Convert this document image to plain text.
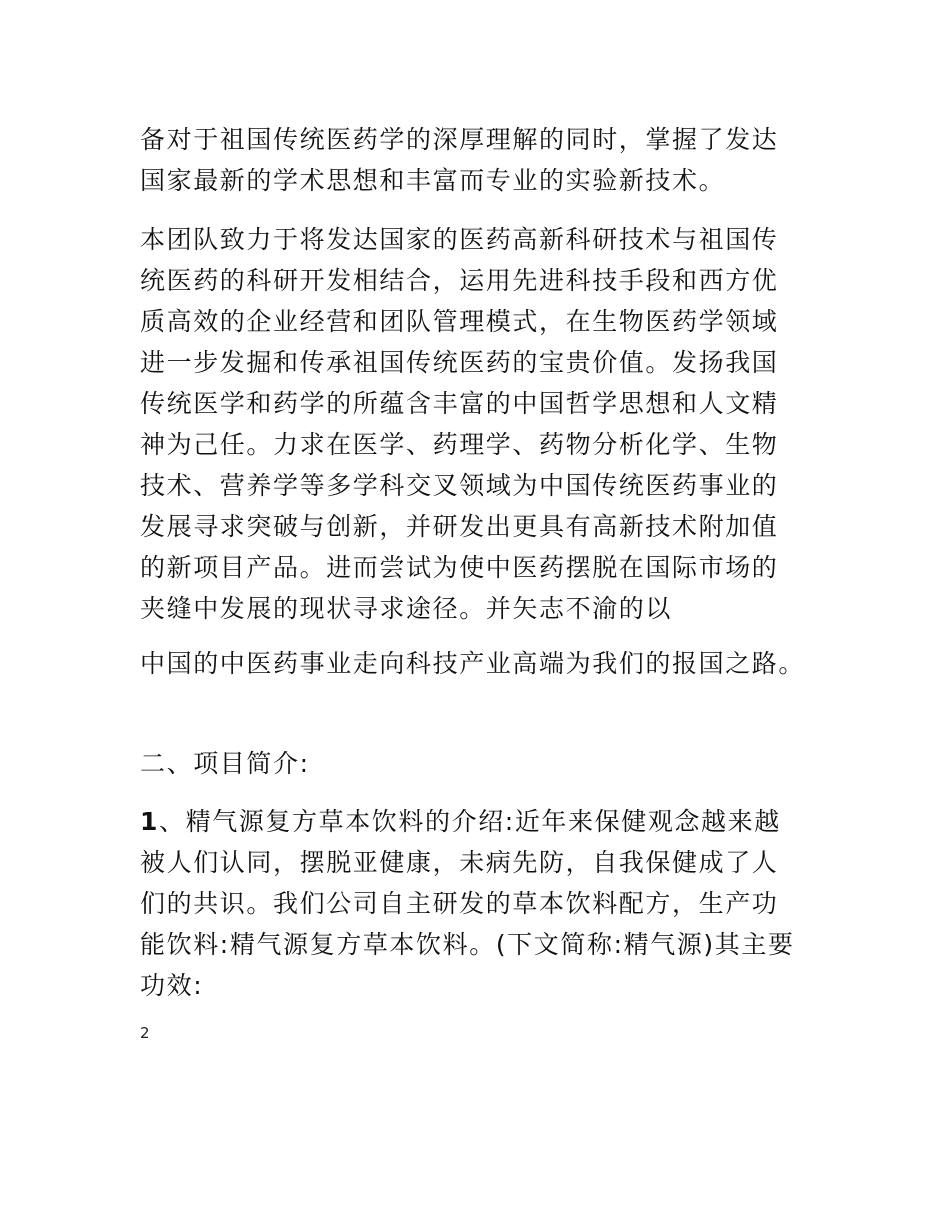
备对于祖国传统医药学的深厚理解的同时，掌握了发达
国家最新的学术思想和丰富而专业的实验新技术。

本团队致力于将发达国家的医药高新科研技术与祖国传
统医药的科研开发相结合，运用先进科技手段和西方优
质高效的企业经营和团队管理模式，在生物医药学领域
进一步发掘和传承祖国传统医药的宝贵价值。发扬我国
传统医学和药学的所蕴含丰富的中国哲学思想和人文精
神为己任。力求在医学、药理学、药物分析化学、生物
技术、营养学等多学科交叉领域为中国传统医药事业的
发展寻求突破与创新，并研发出更具有高新技术附加值
的新项目产品。进而尝试为使中医药摆脱在国际市场的
夹缝中发展的现状寻求途径。并矢志不渝的以

中国的中医药事业走向科技产业高端为我们的报国之路。

二、项目简介:

1、精气源复方草本饮料的介绍:近年来保健观念越来越
被人们认同，摆脱亚健康，未病先防，自我保健成了人
们的共识。我们公司自主研发的草本饮料配方，生产功
能饮料:精气源复方草本饮料。(下文简称:精气源)其主要
功效:

2
